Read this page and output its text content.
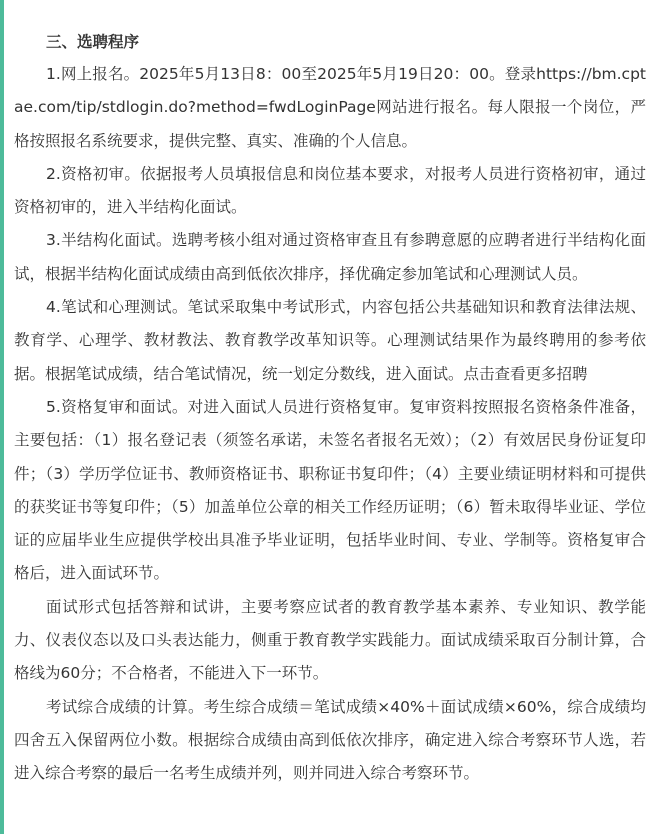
三、选聘程序

1.网上报名。2025年5月13日8：00至2025年5月19日20：00。登录https://bm.cptae.com/tip/stdlogin.do?method=fwdLoginPage网站进行报名。每人限报一个岗位，严格按照报名系统要求，提供完整、真实、准确的个人信息。

2.资格初审。依据报考人员填报信息和岗位基本要求，对报考人员进行资格初审，通过资格初审的，进入半结构化面试。

3.半结构化面试。选聘考核小组对通过资格审查且有参聘意愿的应聘者进行半结构化面试，根据半结构化面试成绩由高到低依次排序，择优确定参加笔试和心理测试人员。

4.笔试和心理测试。笔试采取集中考试形式，内容包括公共基础知识和教育法律法规、教育学、心理学、教材教法、教育教学改革知识等。心理测试结果作为最终聘用的参考依据。根据笔试成绩，结合笔试情况，统一划定分数线，进入面试。点击查看更多招聘

5.资格复审和面试。对进入面试人员进行资格复审。复审资料按照报名资格条件准备，主要包括：（1）报名登记表（须签名承诺，未签名者报名无效）；（2）有效居民身份证复印件；（3）学历学位证书、教师资格证书、职称证书复印件；（4）主要业绩证明材料和可提供的获奖证书等复印件；（5）加盖单位公章的相关工作经历证明；（6）暂未取得毕业证、学位证的应届毕业生应提供学校出具准予毕业证明，包括毕业时间、专业、学制等。资格复审合格后，进入面试环节。

面试形式包括答辩和试讲，主要考察应试者的教育教学基本素养、专业知识、教学能力、仪表仪态以及口头表达能力，侧重于教育教学实践能力。面试成绩采取百分制计算，合格线为60分；不合格者，不能进入下一环节。

考试综合成绩的计算。考生综合成绩＝笔试成绩×40%＋面试成绩×60%，综合成绩均四舍五入保留两位小数。根据综合成绩由高到低依次排序，确定进入综合考察环节人选，若进入综合考察的最后一名考生成绩并列，则并同进入综合考察环节。
